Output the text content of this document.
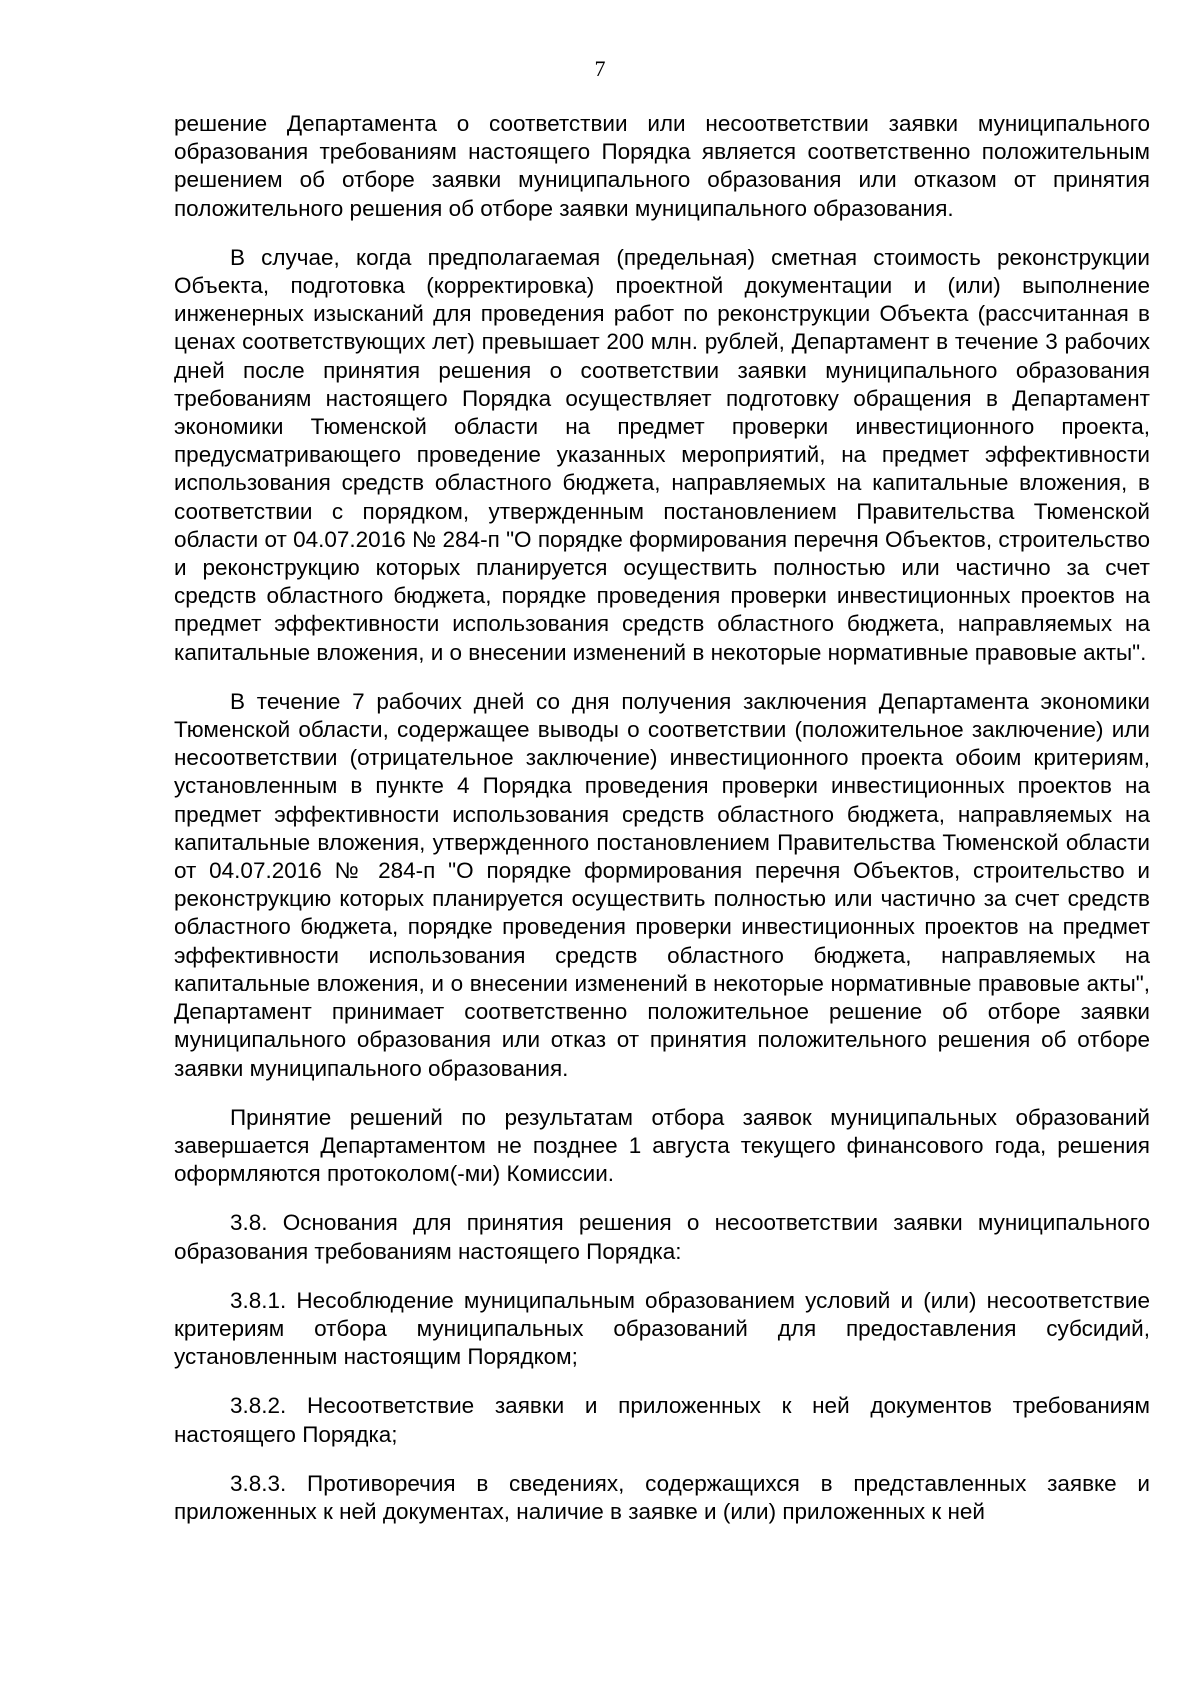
7

решение Департамента о соответствии или несоответствии заявки муниципального образования требованиям настоящего Порядка является соответственно положительным решением об отборе заявки муниципального образования или отказом от принятия положительного решения об отборе заявки муниципального образования.

В случае, когда предполагаемая (предельная) сметная стоимость реконструкции Объекта, подготовка (корректировка) проектной документации и (или) выполнение инженерных изысканий для проведения работ по реконструкции Объекта (рассчитанная в ценах соответствующих лет) превышает 200 млн. рублей, Департамент в течение 3 рабочих дней после принятия решения о соответствии заявки муниципального образования требованиям настоящего Порядка осуществляет подготовку обращения в Департамент экономики Тюменской области на предмет проверки инвестиционного проекта, предусматривающего проведение указанных мероприятий, на предмет эффективности использования средств областного бюджета, направляемых на капитальные вложения, в соответствии с порядком, утвержденным постановлением Правительства Тюменской области от 04.07.2016 № 284-п "О порядке формирования перечня Объектов, строительство и реконструкцию которых планируется осуществить полностью или частично за счет средств областного бюджета, порядке проведения проверки инвестиционных проектов на предмет эффективности использования средств областного бюджета, направляемых на капитальные вложения, и о внесении изменений в некоторые нормативные правовые акты".

В течение 7 рабочих дней со дня получения заключения Департамента экономики Тюменской области, содержащее выводы о соответствии (положительное заключение) или несоответствии (отрицательное заключение) инвестиционного проекта обоим критериям, установленным в пункте 4 Порядка проведения проверки инвестиционных проектов на предмет эффективности использования средств областного бюджета, направляемых на капитальные вложения, утвержденного постановлением Правительства Тюменской области от 04.07.2016 № 284-п "О порядке формирования перечня Объектов, строительство и реконструкцию которых планируется осуществить полностью или частично за счет средств областного бюджета, порядке проведения проверки инвестиционных проектов на предмет эффективности использования средств областного бюджета, направляемых на капитальные вложения, и о внесении изменений в некоторые нормативные правовые акты", Департамент принимает соответственно положительное решение об отборе заявки муниципального образования или отказ от принятия положительного решения об отборе заявки муниципального образования.

Принятие решений по результатам отбора заявок муниципальных образований завершается Департаментом не позднее 1 августа текущего финансового года, решения оформляются протоколом(-ми) Комиссии.

3.8. Основания для принятия решения о несоответствии заявки муниципального образования требованиям настоящего Порядка:

3.8.1. Несоблюдение муниципальным образованием условий и (или) несоответствие критериям отбора муниципальных образований для предоставления субсидий, установленным настоящим Порядком;

3.8.2. Несоответствие заявки и приложенных к ней документов требованиям настоящего Порядка;

3.8.3. Противоречия в сведениях, содержащихся в представленных заявке и приложенных к ней документах, наличие в заявке и (или) приложенных к ней
